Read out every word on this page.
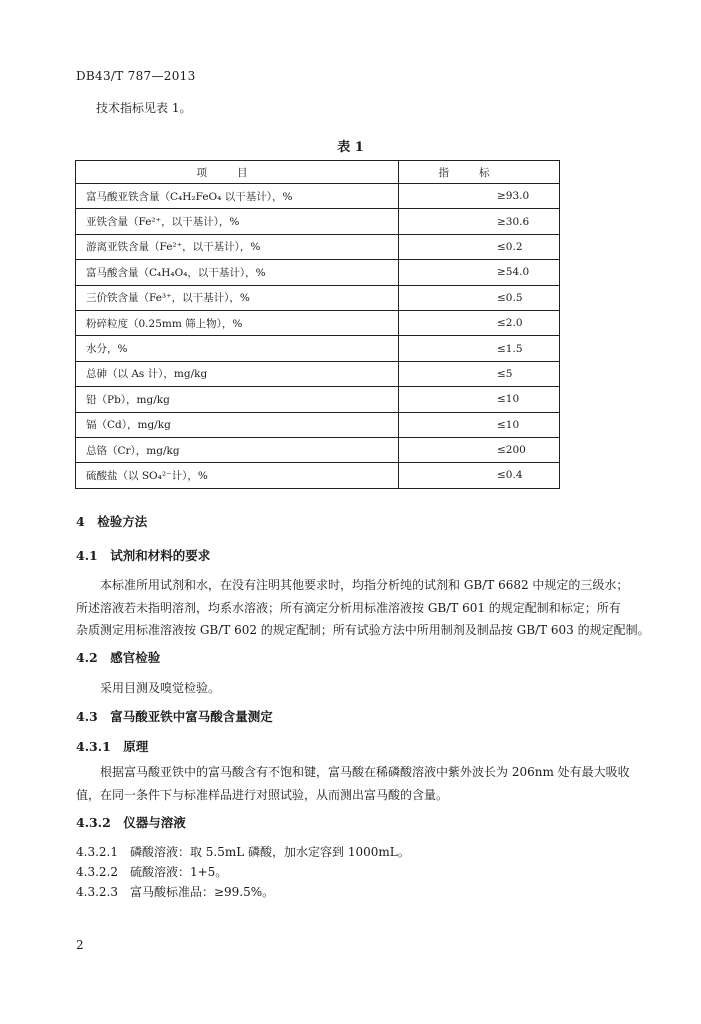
DB43/T 787—2013
技术指标见表 1。
表 1
项目	指标
富马酸亚铁含量（C₄H₂FeO₄ 以干基计），%	≥93.0
亚铁含量（Fe²⁺，以干基计），%	≥30.6
游离亚铁含量（Fe²⁺，以干基计），%	≤0.2
富马酸含量（C₄H₄O₄，以干基计），%	≥54.0
三价铁含量（Fe³⁺，以干基计），%	≤0.5
粉碎粒度（0.25mm 筛上物），%	≤2.0
水分，%	≤1.5
总砷（以 As 计），mg/kg	≤5
铅（Pb），mg/kg	≤10
镉（Cd），mg/kg	≤10
总铬（Cr），mg/kg	≤200
硫酸盐（以 SO₄²⁻计），%	≤0.4
4　检验方法
4.1　试剂和材料的要求
本标准所用试剂和水，在没有注明其他要求时，均指分析纯的试剂和 GB/T 6682 中规定的三级水；
所述溶液若未指明溶剂，均系水溶液；所有滴定分析用标准溶液按 GB/T 601 的规定配制和标定；所有
杂质测定用标准溶液按 GB/T 602 的规定配制；所有试验方法中所用制剂及制品按 GB/T 603 的规定配制。
4.2　感官检验
采用目测及嗅觉检验。
4.3　富马酸亚铁中富马酸含量测定
4.3.1　原理
根据富马酸亚铁中的富马酸含有不饱和键，富马酸在稀磷酸溶液中紫外波长为 206nm 处有最大吸收
值，在同一条件下与标准样品进行对照试验，从而测出富马酸的含量。
4.3.2　仪器与溶液
4.3.2.1　磷酸溶液：取 5.5mL 磷酸，加水定容到 1000mL。
4.3.2.2　硫酸溶液：1+5。
4.3.2.3　富马酸标准品：≥99.5%。
2
